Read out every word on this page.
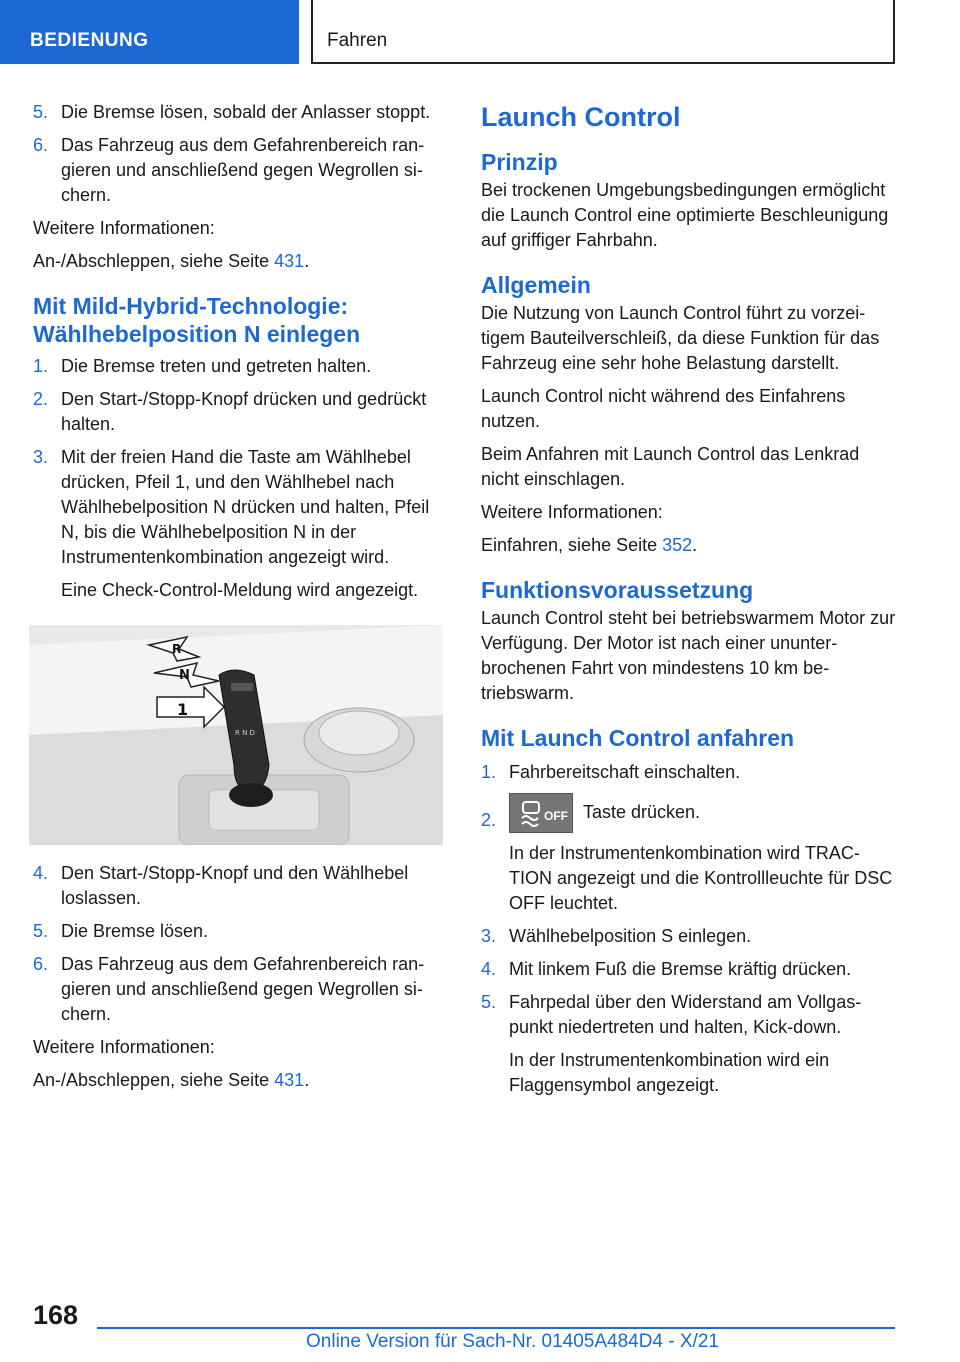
BEDIENUNG	Fahren
5. Die Bremse lösen, sobald der Anlasser stoppt.
6. Das Fahrzeug aus dem Gefahrenbereich rangieren und anschließend gegen Wegrollen sichern.

Weitere Informationen:

An-/Abschleppen, siehe Seite 431.

Mit Mild-Hybrid-Technologie: Wählhebelposition N einlegen
1. Die Bremse treten und getreten halten.
2. Den Start-/Stopp-Knopf drücken und gedrückt halten.
3. Mit der freien Hand die Taste am Wählhebel drücken, Pfeil 1, und den Wählhebel nach Wählhebelposition N drücken und halten, Pfeil N, bis die Wählhebelposition N in der Instrumentenkombination angezeigt wird.

Eine Check-Control-Meldung wird angezeigt.

R N D
R
N
1
4. Den Start-/Stopp-Knopf und den Wählhebel loslassen.
5. Die Bremse lösen.
6. Das Fahrzeug aus dem Gefahrenbereich rangieren und anschließend gegen Wegrollen sichern.

Weitere Informationen:

An-/Abschleppen, siehe Seite 431.

Launch Control
Prinzip

Bei trockenen Umgebungsbedingungen ermöglicht die Launch Control eine optimierte Beschleunigung auf griffiger Fahrbahn.

Allgemein

Die Nutzung von Launch Control führt zu vorzeitigem Bauteilverschleiß, da diese Funktion für das Fahrzeug eine sehr hohe Belastung darstellt.

Launch Control nicht während des Einfahrens nutzen.

Beim Anfahren mit Launch Control das Lenkrad nicht einschlagen.

Weitere Informationen:

Einfahren, siehe Seite 352.

Funktionsvoraussetzung

Launch Control steht bei betriebswarmem Motor zur Verfügung. Der Motor ist nach einer ununterbrochenen Fahrt von mindestens 10 km betriebswarm.

Mit Launch Control anfahren
1. Fahrbereitschaft einschalten.
2.	OFF Taste drücken.

In der Instrumentenkombination wird TRACTION angezeigt und die Kontrollleuchte für DSC OFF leuchtet.

3. Wählhebelposition S einlegen.
4. Mit linkem Fuß die Bremse kräftig drücken.
5. Fahrpedal über den Widerstand am Vollgaspunkt niedertreten und halten, Kick-down.

In der Instrumentenkombination wird ein Flaggensymbol angezeigt.

168
Online Version für Sach-Nr. 01405A484D4 - X/21
